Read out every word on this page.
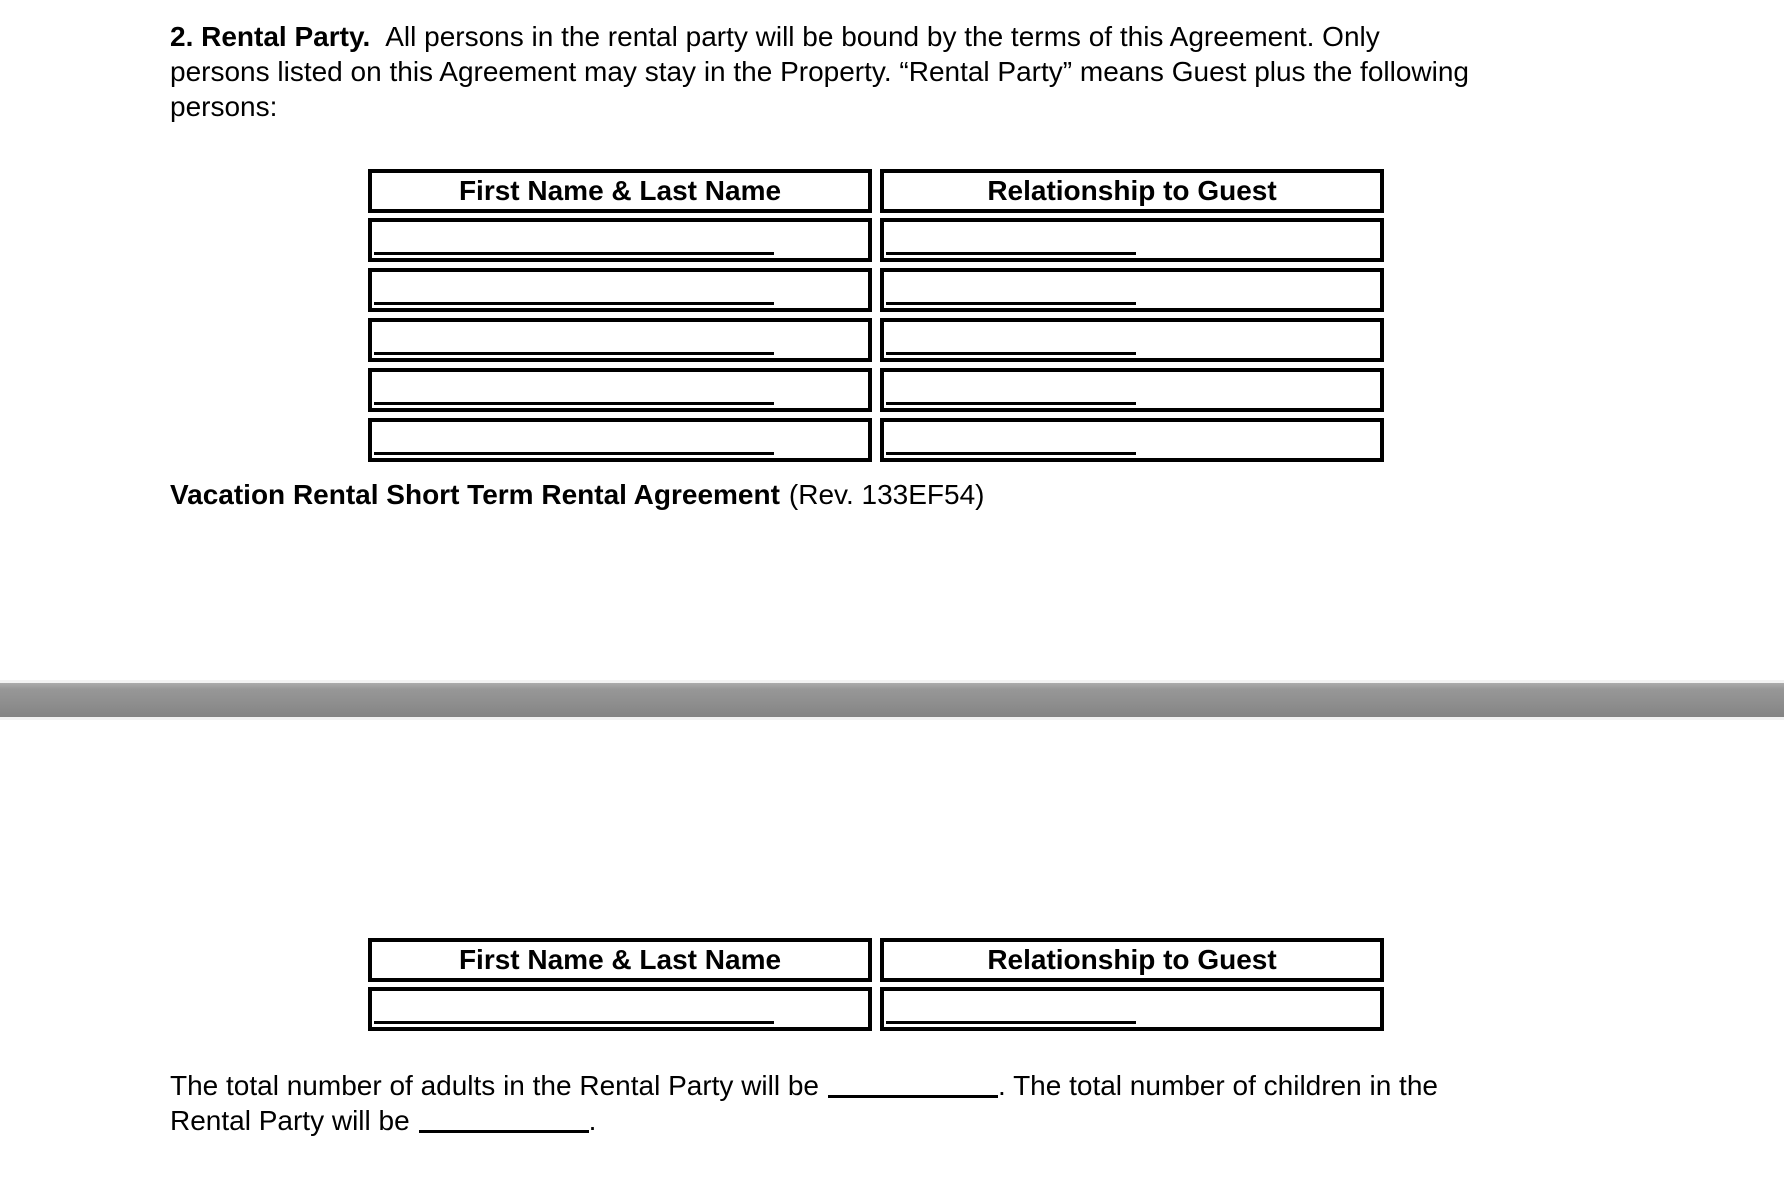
2. Rental Party. All persons in the rental party will be bound by the terms of this Agreement. Only
persons listed on this Agreement may stay in the Property. “Rental Party” means Guest plus the following
persons:
First Name & Last Name	Relationship to Guest
Vacation Rental Short Term Rental Agreement (Rev. 133EF54)
First Name & Last Name	Relationship to Guest
The total number of adults in the Rental Party will be	. The total number of children in the
Rental Party will be	.
